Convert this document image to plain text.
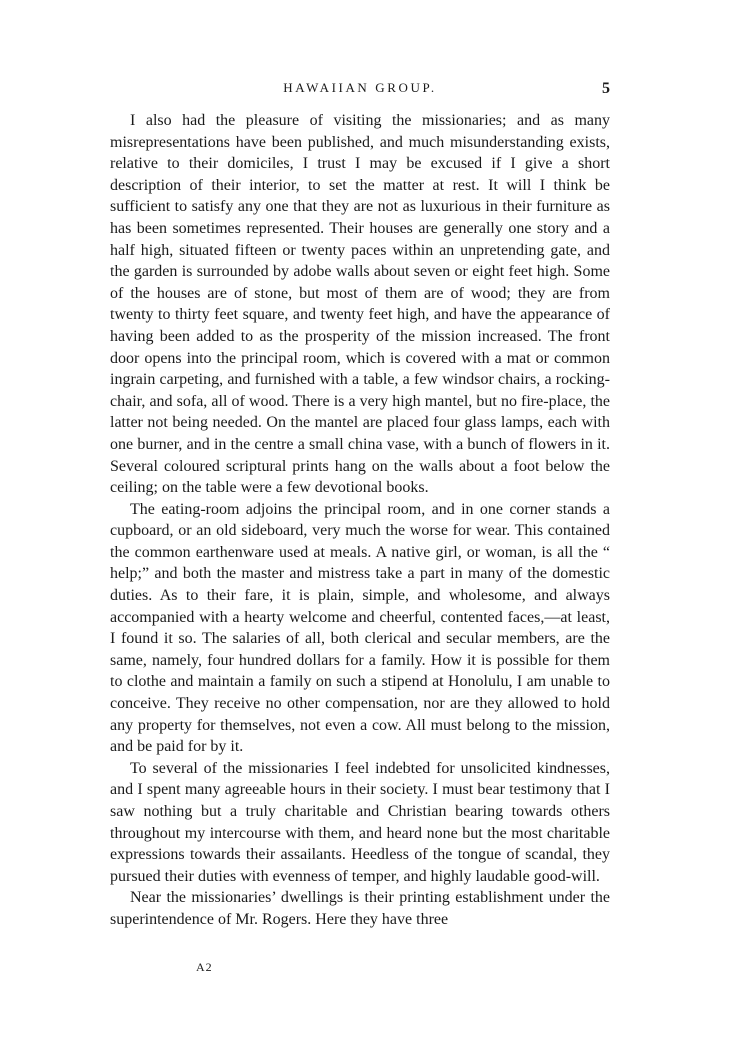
HAWAIIAN GROUP.	5

I also had the pleasure of visiting the missionaries; and as many misrepresentations have been published, and much misunderstanding exists, relative to their domiciles, I trust I may be excused if I give a short description of their interior, to set the matter at rest. It will I think be sufficient to satisfy any one that they are not as luxurious in their furniture as has been sometimes represented. Their houses are generally one story and a half high, situated fifteen or twenty paces within an unpretending gate, and the garden is surrounded by adobe walls about seven or eight feet high. Some of the houses are of stone, but most of them are of wood; they are from twenty to thirty feet square, and twenty feet high, and have the appearance of having been added to as the prosperity of the mission increased. The front door opens into the principal room, which is covered with a mat or common ingrain carpeting, and furnished with a table, a few windsor chairs, a rocking-chair, and sofa, all of wood. There is a very high mantel, but no fire-place, the latter not being needed. On the mantel are placed four glass lamps, each with one burner, and in the centre a small china vase, with a bunch of flowers in it. Several coloured scriptural prints hang on the walls about a foot below the ceiling; on the table were a few devotional books.

The eating-room adjoins the principal room, and in one corner stands a cupboard, or an old sideboard, very much the worse for wear. This contained the common earthenware used at meals. A native girl, or woman, is all the “ help;” and both the master and mistress take a part in many of the domestic duties. As to their fare, it is plain, simple, and wholesome, and always accompanied with a hearty welcome and cheerful, contented faces,—at least, I found it so. The salaries of all, both clerical and secular members, are the same, namely, four hundred dollars for a family. How it is possible for them to clothe and maintain a family on such a stipend at Honolulu, I am unable to conceive. They receive no other compensation, nor are they allowed to hold any property for themselves, not even a cow. All must belong to the mission, and be paid for by it.

To several of the missionaries I feel indebted for unsolicited kindnesses, and I spent many agreeable hours in their society. I must bear testimony that I saw nothing but a truly charitable and Christian bearing towards others throughout my intercourse with them, and heard none but the most charitable expressions towards their assailants. Heedless of the tongue of scandal, they pursued their duties with evenness of temper, and highly laudable good-will.

Near the missionaries’ dwellings is their printing establishment under the superintendence of Mr. Rogers. Here they have three

A2
